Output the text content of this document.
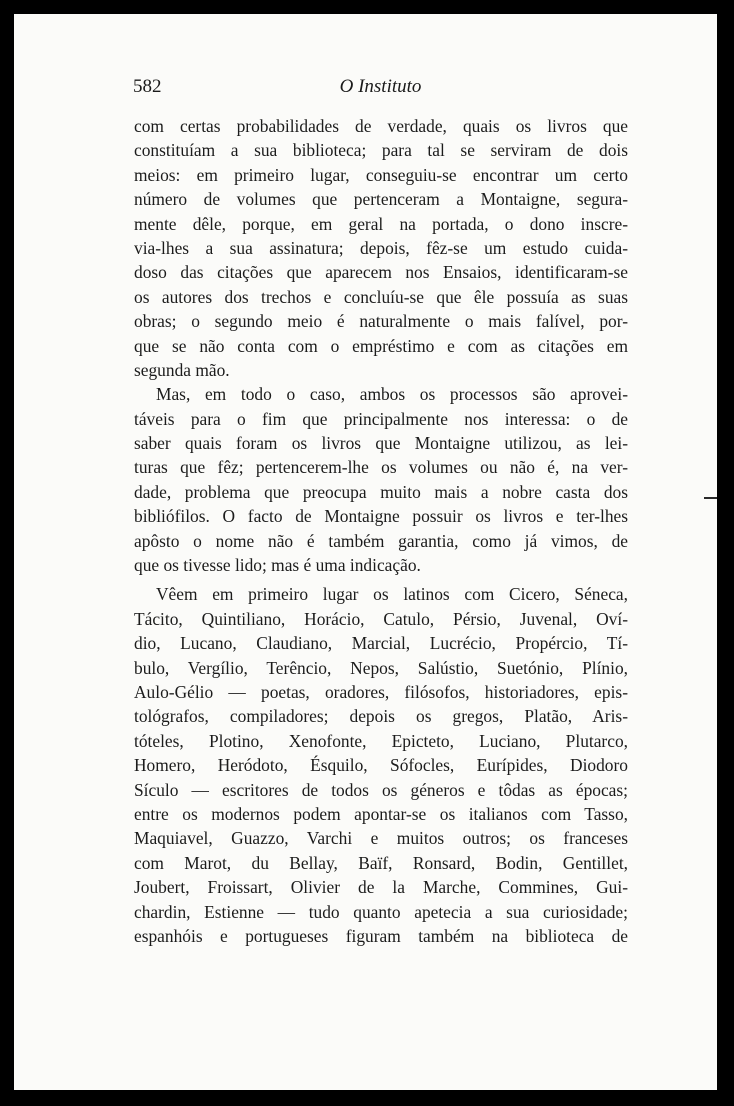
582	O Instituto
com certas probabilidades de verdade, quais os livros que
constituíam a sua biblioteca; para tal se serviram de dois
meios: em primeiro lugar, conseguiu-se encontrar um certo
número de volumes que pertenceram a Montaigne, segura-
mente dêle, porque, em geral na portada, o dono inscre-
via-lhes a sua assinatura; depois, fêz-se um estudo cuida-
doso das citações que aparecem nos Ensaios, identificaram-se
os autores dos trechos e concluíu-se que êle possuía as suas
obras; o segundo meio é naturalmente o mais falível, por-
que se não conta com o empréstimo e com as citações em
segunda mão.
Mas, em todo o caso, ambos os processos são aprovei-
táveis para o fim que principalmente nos interessa: o de
saber quais foram os livros que Montaigne utilizou, as lei-
turas que fêz; pertencerem-lhe os volumes ou não é, na ver-
dade, problema que preocupa muito mais a nobre casta dos
bibliófilos. O facto de Montaigne possuir os livros e ter-lhes
apôsto o nome não é também garantia, como já vimos, de
que os tivesse lido; mas é uma indicação.
Vêem em primeiro lugar os latinos com Cicero, Séneca,
Tácito, Quintiliano, Horácio, Catulo, Pérsio, Juvenal, Oví-
dio, Lucano, Claudiano, Marcial, Lucrécio, Propércio, Tí-
bulo, Vergílio, Terêncio, Nepos, Salústio, Suetónio, Plínio,
Aulo-Gélio — poetas, oradores, filósofos, historiadores, epis-
tológrafos, compiladores; depois os gregos, Platão, Aris-
tóteles, Plotino, Xenofonte, Epicteto, Luciano, Plutarco,
Homero, Heródoto, Ésquilo, Sófocles, Eurípides, Diodoro
Sículo — escritores de todos os géneros e tôdas as épocas;
entre os modernos podem apontar-se os italianos com Tasso,
Maquiavel, Guazzo, Varchi e muitos outros; os franceses
com Marot, du Bellay, Baïf, Ronsard, Bodin, Gentillet,
Joubert, Froissart, Olivier de la Marche, Commines, Gui-
chardin, Estienne — tudo quanto apetecia a sua curiosidade;
espanhóis e portugueses figuram também na biblioteca de
